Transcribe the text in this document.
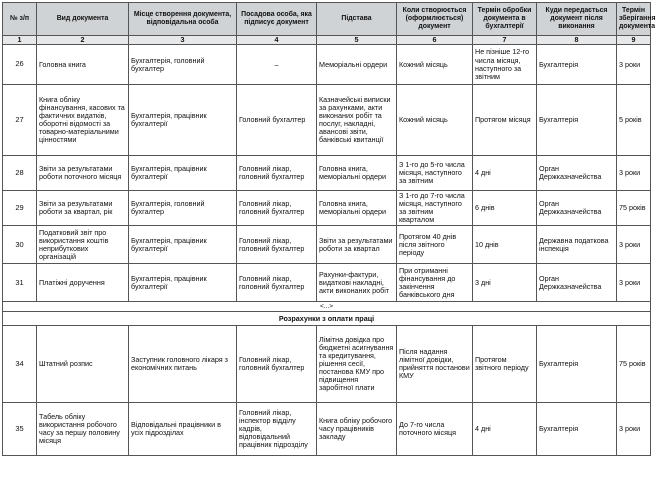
№ з/п	Вид документа	Місце створення документа, відповідальна особа	Посадова особа, яка підписує документ	Підстава	Коли створюється (оформлюється) документ	Термін обробки документа в бухгалтерії	Куди передається документ після виконання	Термін зберігання документа
1	2	3	4	5	6	7	8	9
26	Головна книга	Бухгалтерія, головний бухгалтер	–	Меморіальні ордери	Кожний місяць	Не пізніше 12-го числа місяця, наступного за звітним	Бухгалтерія	3 роки
27	Книга обліку фінансування, касових та фактичних видатків, оборотні відомості за товарно-матеріальними цінностями	Бухгалтерія, працівник бухгалтерії	Головний бухгалтер	Казначейські виписки за рахунками, акти виконаних робіт та послуг, накладні, авансові звіти, банківські квитанції	Кожний місяць	Протягом місяця	Бухгалтерія	5 років
28	Звіти за результатами роботи поточного місяця	Бухгалтерія, працівник бухгалтерії	Головний лікар, головний бухгалтер	Головна книга, меморіальні ордери	З 1-го до 5-го числа місяця, наступного за звітним	4 дні	Орган Держказначейства	3 роки
29	Звіти за результатами роботи за квартал, рік	Бухгалтерія, головний бухгалтер	Головний лікар, головний бухгалтер	Головна книга, меморіальні ордери	З 1-го до 7-го числа місяця, наступного за звітним кварталом	6 днів	Орган Держказначейства	75 років
30	Податковий звіт про використання коштів неприбуткових організацій	Бухгалтерія, працівник бухгалтерії	Головний лікар, головний бухгалтер	Звіти за результатами роботи за квартал	Протягом 40 днів після звітного періоду	10 днів	Державна податкова інспекція	3 роки
31	Платіжні доручення	Бухгалтерія, працівник бухгалтерії	Головний лікар, головний бухгалтер	Рахунки-фактури, видаткові накладні, акти виконаних робіт	При отриманні фінансування до закінчення банківського дня	3 дні	Орган Держказначейства	3 роки
<...>								
Розрахунки з оплати праці								
34	Штатний розпис	Заступник головного лікаря з економічних питань	Головний лікар, головний бухгалтер	Лімітна довідка про бюджетні асигнування та кредитування, рішення сесії, постанова КМУ про підвищення заробітної плати	Після надання лімітної довідки, прийняття постанови КМУ	Протягом звітного періоду	Бухгалтерія	75 років
35	Табель обліку використання робочого часу за першу половину місяця	Відповідальні працівники в усіх підрозділах	Головний лікар, інспектор відділу кадрів, відповідальний працівник підрозділу	Книга обліку робочого часу працівників закладу	До 7-го числа поточного місяця	4 дні	Бухгалтерія	3 роки
